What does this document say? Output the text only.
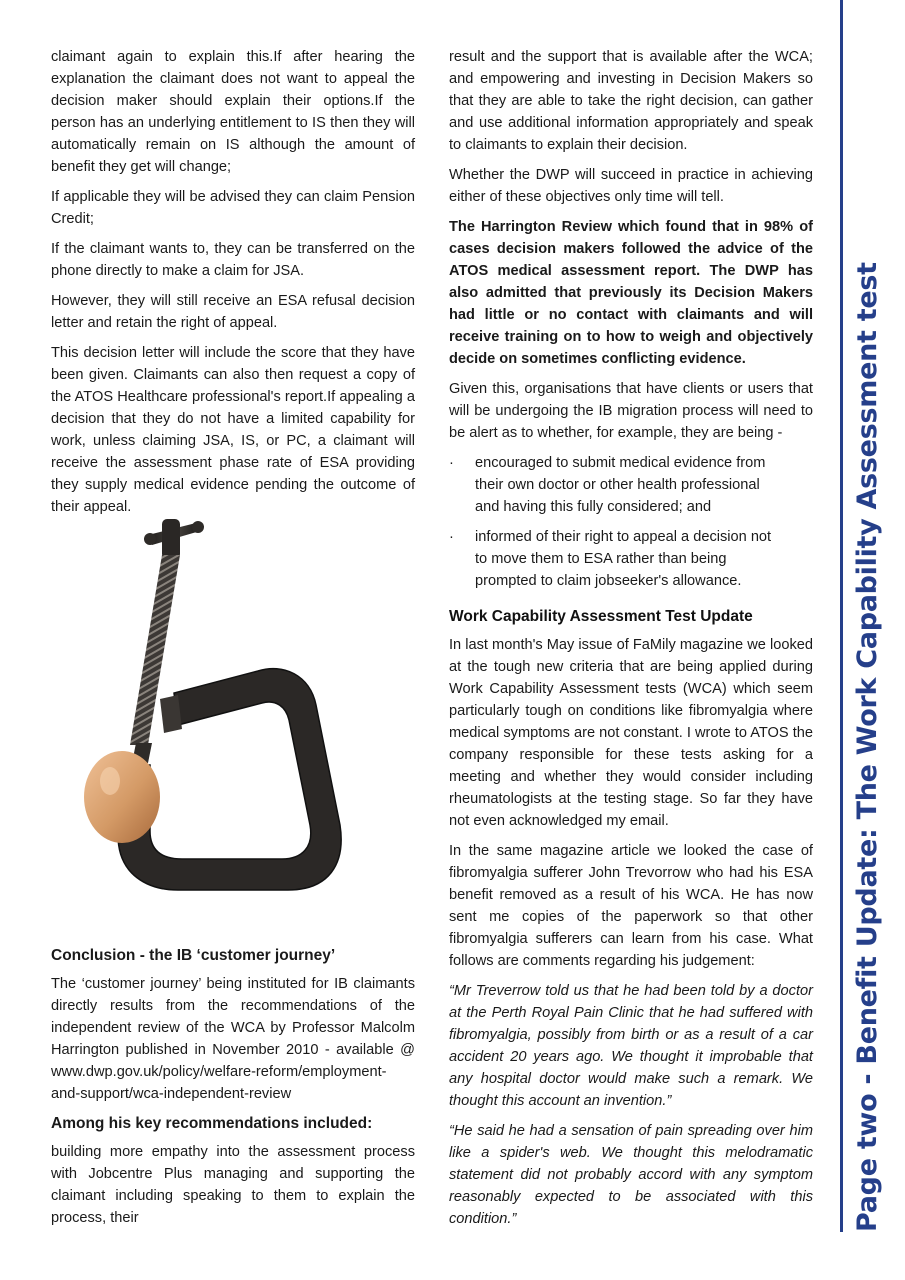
Page two - Benefit Update: The Work Capability Assessment test

claimant again to explain this.If after hearing the explanation the claimant does not want to appeal the decision maker should explain their options.If the person has an underlying entitlement to IS then they will automatically remain on IS although the amount of benefit they get will change;

If applicable they will be advised they can claim Pension Credit;

If the claimant wants to, they can be transferred on the phone directly to make a claim for JSA.

However, they will still receive an ESA refusal decision letter and retain the right of appeal.

This decision letter will include the score that they have been given. Claimants can also then request a copy of the ATOS Healthcare professional's report.If appealing a decision that they do not have a limited capability for work, unless claiming JSA, IS, or PC, a claimant will receive the assessment phase rate of ESA providing they supply medical evidence pending the outcome of their appeal.

Conclusion - the IB ‘customer journey’

The ‘customer journey’ being instituted for IB claimants directly results from the recommendations of the independent review of the WCA by Professor Malcolm Harrington published in November 2010 - available @ www.dwp.gov.uk/policy/welfare-reform/employment-and-support/wca-independent-review

Among his key recommendations included:

building more empathy into the assessment process with Jobcentre Plus managing and supporting the claimant including speaking to them to explain the process, their

result and the support that is available after the WCA; and empowering and investing in Decision Makers so that they are able to take the right decision, can gather and use additional information appropriately and speak to claimants to explain their decision.

Whether the DWP will succeed in practice in achieving either of these objectives only time will tell.

The Harrington Review which found that in 98% of cases decision makers followed the advice of the ATOS medical assessment report. The DWP has also admitted that previously its Decision Makers had little or no contact with claimants and will receive training on to how to weigh and objectively decide on sometimes conflicting evidence.

Given this, organisations that have clients or users that will be undergoing the IB migration process will need to be alert as to whether, for example, they are being -

· encouraged to submit medical evidence from their own doctor or other health professional and having this fully considered; and
· informed of their right to appeal a decision not to move them to ESA rather than being prompted to claim jobseeker's allowance.
Work Capability Assessment Test Update

In last month's May issue of FaMily magazine we looked at the tough new criteria that are being applied during Work Capability Assessment tests (WCA) which seem particularly tough on conditions like fibromyalgia where medical symptoms are not constant. I wrote to ATOS the company responsible for these tests asking for a meeting and whether they would consider including rheumatologists at the testing stage. So far they have not even acknowledged my email.

In the same magazine article we looked the case of fibromyalgia sufferer John Trevorrow who had his ESA benefit removed as a result of his WCA. He has now sent me copies of the paperwork so that other fibromyalgia sufferers can learn from his case. What follows are comments regarding his judgement:

“Mr Treverrow told us that he had been told by a doctor at the Perth Royal Pain Clinic that he had suffered with fibromyalgia, possibly from birth or as a result of a car accident 20 years ago. We thought it improbable that any hospital doctor would make such a remark. We thought this account an invention.”

“He said he had a sensation of pain spreading over him like a spider's web. We thought this melodramatic statement did not probably accord with any symptom reasonably expected to be associated with this condition.”
